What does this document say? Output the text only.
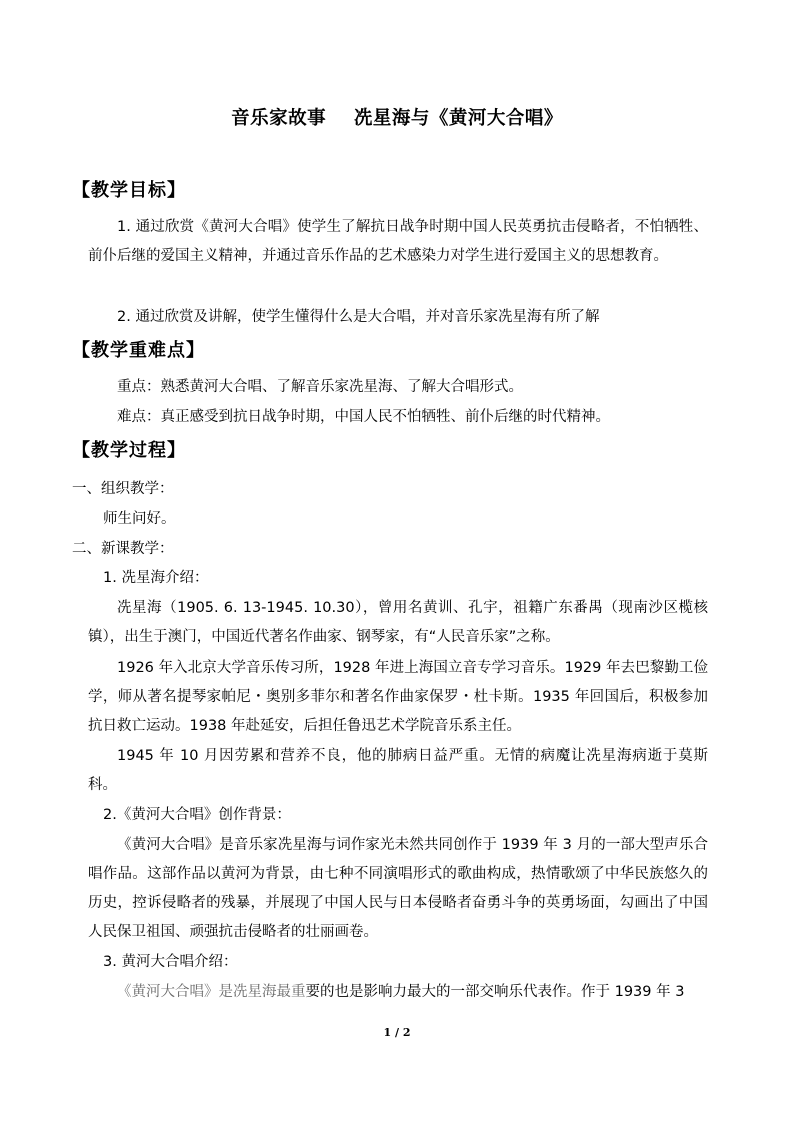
音乐家故事    冼星海与《黄河大合唱》
【教学目标】
1. 通过欣赏《黄河大合唱》使学生了解抗日战争时期中国人民英勇抗击侵略者，不怕牺牲、前仆后继的爱国主义精神，并通过音乐作品的艺术感染力对学生进行爱国主义的思想教育。
2. 通过欣赏及讲解，使学生懂得什么是大合唱，并对音乐家冼星海有所了解
【教学重难点】
重点：熟悉黄河大合唱、了解音乐家冼星海、了解大合唱形式。
难点：真正感受到抗日战争时期，中国人民不怕牺牲、前仆后继的时代精神。
【教学过程】
一、组织教学：
师生问好。
二、新课教学：
1. 冼星海介绍：
冼星海（1905. 6. 13-1945. 10.30），曾用名黄训、孔宇，祖籍广东番禺（现南沙区榄核镇），出生于澳门，中国近代著名作曲家、钢琴家，有“人民音乐家”之称。
1926 年入北京大学音乐传习所，1928 年进上海国立音专学习音乐。1929 年去巴黎勤工俭学，师从著名提琴家帕尼・奥别多菲尔和著名作曲家保罗・杜卡斯。1935 年回国后，积极参加抗日救亡运动。1938 年赴延安，后担任鲁迅艺术学院音乐系主任。
1945 年 10 月因劳累和营养不良，他的肺病日益严重。无情的病魔让冼星海病逝于莫斯科。
2.《黄河大合唱》创作背景：
《黄河大合唱》是音乐家冼星海与词作家光未然共同创作于 1939 年 3 月的一部大型声乐合唱作品。这部作品以黄河为背景，由七种不同演唱形式的歌曲构成，热情歌颂了中华民族悠久的历史，控诉侵略者的残暴，并展现了中国人民与日本侵略者奋勇斗争的英勇场面，勾画出了中国人民保卫祖国、顽强抗击侵略者的壮丽画卷。
3. 黄河大合唱介绍：
《黄河大合唱》是冼星海最重要的也是影响力最大的一部交响乐代表作。作于 1939 年 3
1 / 2
